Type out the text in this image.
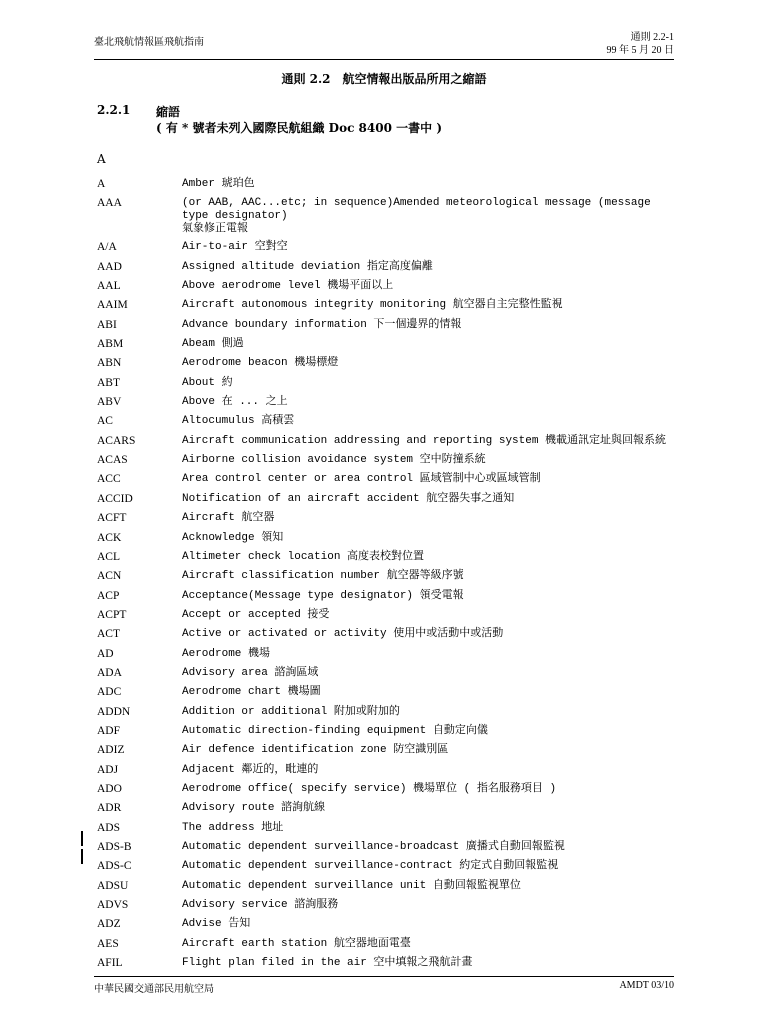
臺北飛航情報區飛航指南	通則 2.2-1
99 年 5 月 20 日
通則 2.2　航空情報出版品所用之縮語
2.2.1 縮語
( 有 * 號者未列入國際民航組織 Doc 8400 一書中 )
A
A	Amber 琥珀色
AAA	(or AAB, AAC...etc; in sequence)Amended meteorological message (message type designator)
氣象修正電報
A/A	Air-to-air 空對空
AAD	Assigned altitude deviation 指定高度偏離
AAL	Above aerodrome level 機場平面以上
AAIM	Aircraft autonomous integrity monitoring 航空器自主完整性監視
ABI	Advance boundary information 下一個邊界的情報
ABM	Abeam 側過
ABN	Aerodrome beacon 機場標燈
ABT	About 約
ABV	Above 在 ... 之上
AC	Altocumulus 高積雲
ACARS	Aircraft communication addressing and reporting system 機載通訊定址與回報系統
ACAS	Airborne collision avoidance system 空中防撞系統
ACC	Area control center or area control 區域管制中心或區域管制
ACCID	Notification of an aircraft accident 航空器失事之通知
ACFT	Aircraft 航空器
ACK	Acknowledge 領知
ACL	Altimeter check location 高度表校對位置
ACN	Aircraft classification number 航空器等級序號
ACP	Acceptance(Message type designator) 領受電報
ACPT	Accept or accepted 接受
ACT	Active or activated or activity 使用中或活動中或活動
AD	Aerodrome 機場
ADA	Advisory area 諮詢區域
ADC	Aerodrome chart 機場圖
ADDN	Addition or additional 附加或附加的
ADF	Automatic direction-finding equipment 自動定向儀
ADIZ	Air defence identification zone 防空識別區
ADJ	Adjacent 鄰近的，毗連的
ADO	Aerodrome office( specify service) 機場單位 ( 指名服務項目 )
ADR	Advisory route 諮詢航線
ADS	The address 地址
ADS-B	Automatic dependent surveillance-broadcast 廣播式自動回報監視
ADS-C	Automatic dependent surveillance-contract 約定式自動回報監視
ADSU	Automatic dependent surveillance unit 自動回報監視單位
ADVS	Advisory service 諮詢服務
ADZ	Advise 告知
AES	Aircraft earth station 航空器地面電臺
AFIL	Flight plan filed in the air 空中填報之飛航計畫
中華民國交通部民用航空局	AMDT 03/10
